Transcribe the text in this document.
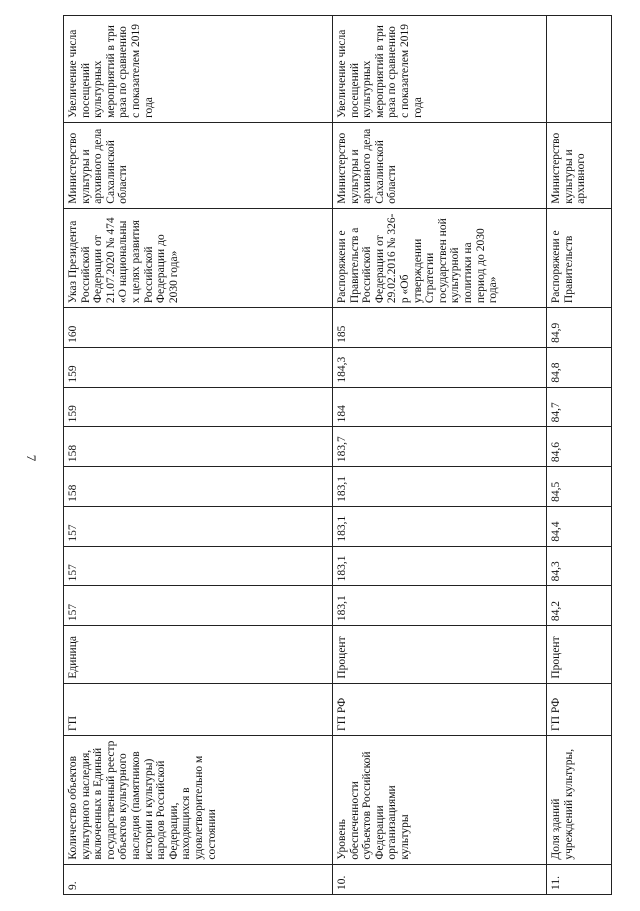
7
9.	Количество объектов культурного наследия, включенных в Единый государственный реестр объектов культурного наследия (памятников истории и культуры) народов Российской Федерации, находящихся в удовлетворительно м состоянии	ГП	Единица	157	157	157	158	158	159	159	160	Указ Президента Российской Федерации от 21.07.2020 № 474 «О национальны х целях развития Российской Федерации до 2030 года»	Министерство культуры и архивного дела Сахалинской области	Увеличение числа посещений культурных мероприятий в три раза по сравнению с показателем 2019 года
10.	Уровень обеспеченности субъектов Российской Федерации организациями культуры	ГП РФ	Процент	183,1	183,1	183,1	183,1	183,7	184	184,3	185	Распоряжени е Правительств а Российской Федерации от 29.02.2016 № 326-р «Об утверждении Стратегии государствен ной культурной политики на период до 2030 года»	Министерство культуры и архивного дела Сахалинской области	Увеличение числа посещений культурных мероприятий в три раза по сравнению с показателем 2019 года
11.	Доля зданий учреждений культуры,	ГП РФ	Процент	84,2	84,3	84,4	84,5	84,6	84,7	84,8	84,9	Распоряжени е Правительств	Министерство культуры и архивного	
